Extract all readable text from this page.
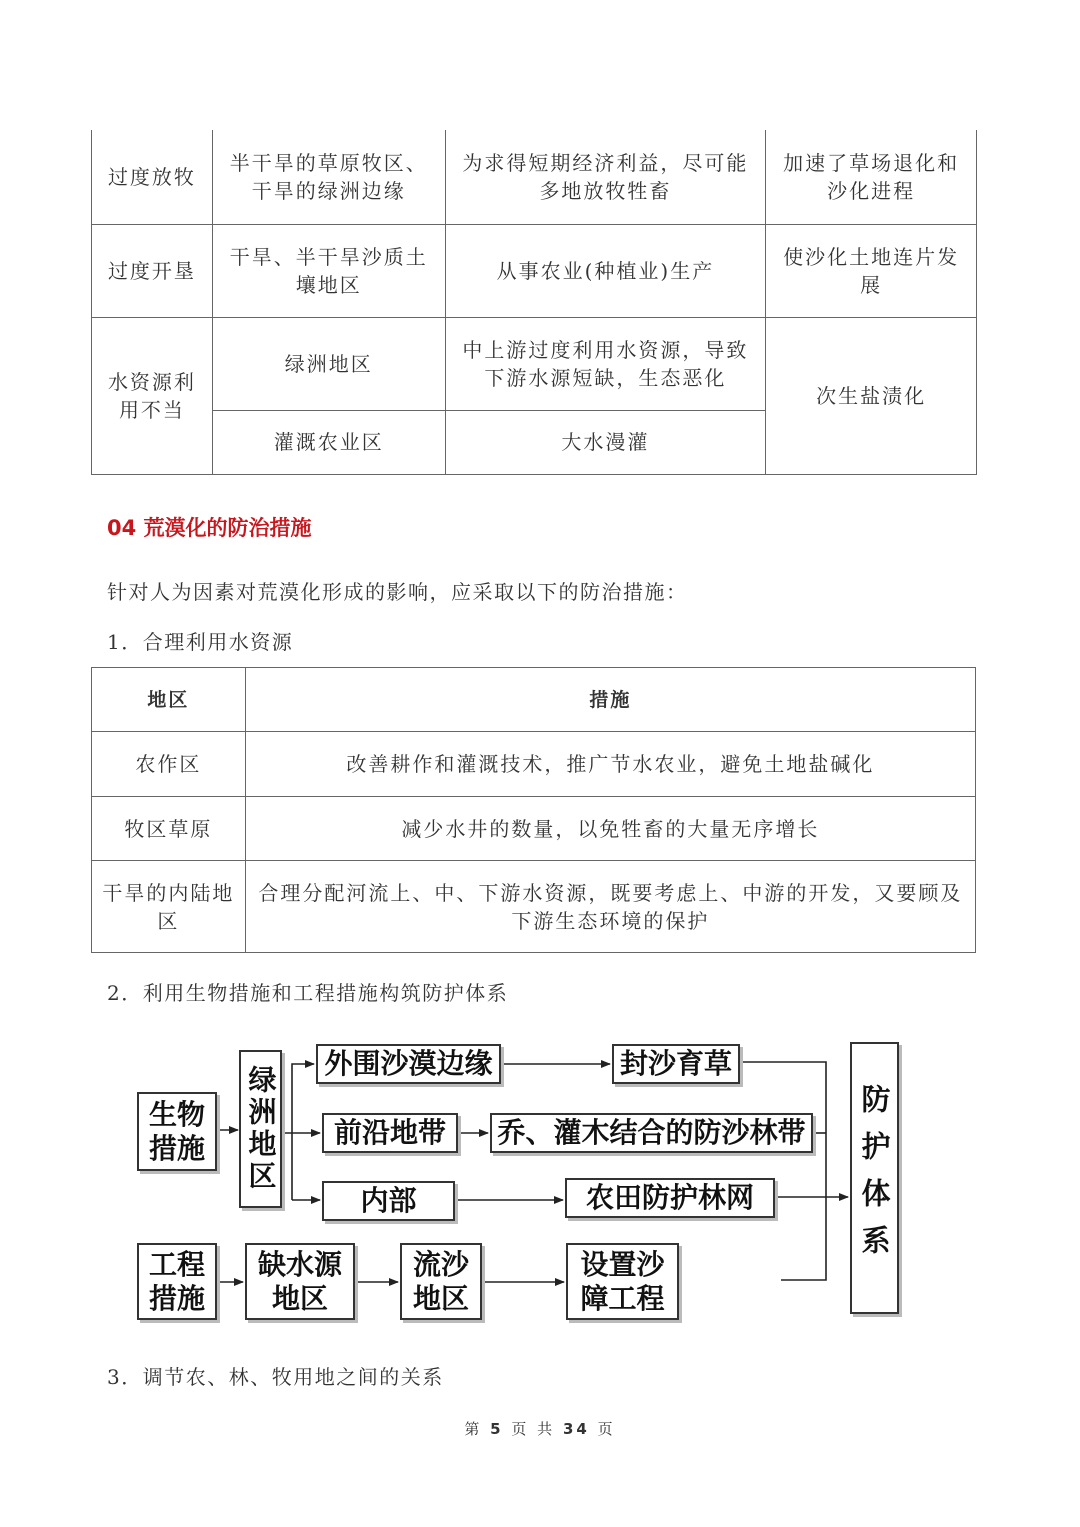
过度放牧	半干旱的草原牧区、干旱的绿洲边缘	为求得短期经济利益，尽可能多地放牧牲畜	加速了草场退化和沙化进程
过度开垦	干旱、半干旱沙质土壤地区	从事农业(种植业)生产	使沙化土地连片发展
水资源利用不当	绿洲地区	中上游过度利用水资源，导致下游水源短缺，生态恶化	次生盐渍化
	灌溉农业区	大水漫灌	
04 荒漠化的防治措施
针对人为因素对荒漠化形成的影响，应采取以下的防治措施：
1．合理利用水资源
地区	措施
农作区	改善耕作和灌溉技术，推广节水农业，避免土地盐碱化
牧区草原	减少水井的数量，以免牲畜的大量无序增长
干旱的内陆地区	合理分配河流上、中、下游水资源，既要考虑上、中游的开发，又要顾及下游生态环境的保护
2．利用生物措施和工程措施构筑防护体系
生物措施	绿洲地区
外围沙漠边缘	封沙育草
前沿地带	乔、灌木结合的防沙林带
内部	农田防护林网	防护体系
工程措施
缺水源地区
流沙地区
设置沙障工程
3．调节农、林、牧用地之间的关系
第 5 页 共 34 页
